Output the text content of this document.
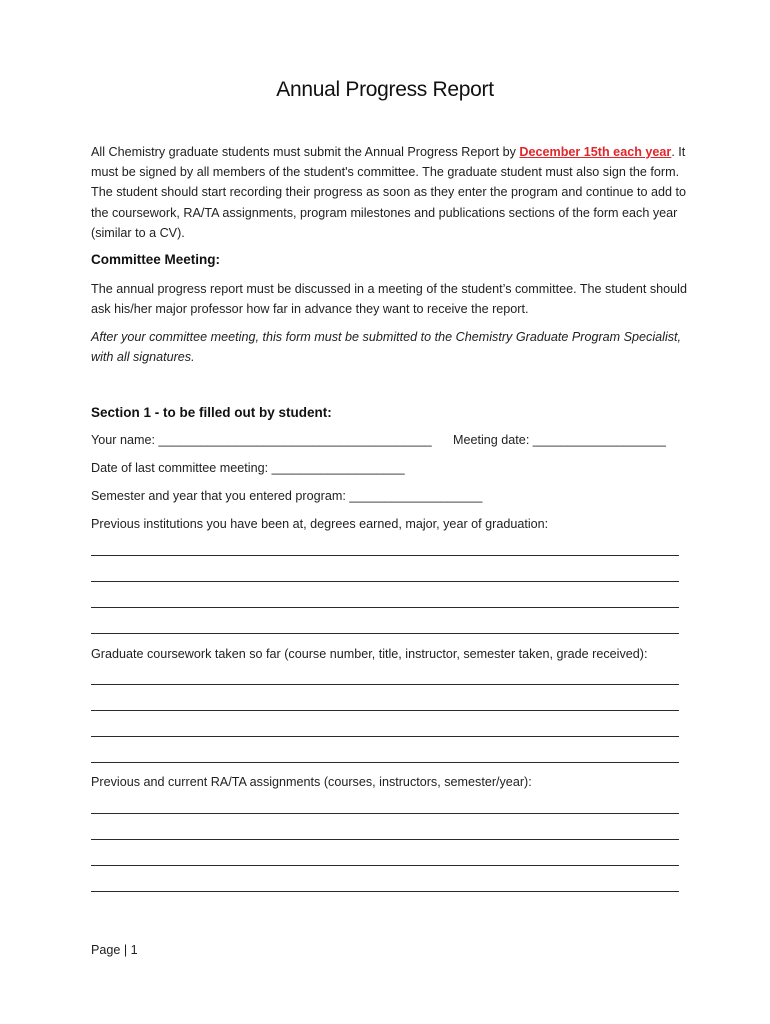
Annual Progress Report
All Chemistry graduate students must submit the Annual Progress Report by December 15th each year. It must be signed by all members of the student's committee. The graduate student must also sign the form. The student should start recording their progress as soon as they enter the program and continue to add to the coursework, RA/TA assignments, program milestones and publications sections of the form each year (similar to a CV).
Committee Meeting:
The annual progress report must be discussed in a meeting of the student’s committee. The student should ask his/her major professor how far in advance they want to receive the report.
After your committee meeting, this form must be submitted to the Chemistry Graduate Program Specialist, with all signatures.
Section 1 - to be filled out by student:
Your name: _______________________________________ Meeting date: ___________________
Date of last committee meeting: ___________________
Semester and year that you entered program: ___________________
Previous institutions you have been at, degrees earned, major, year of graduation:
Graduate coursework taken so far (course number, title, instructor, semester taken, grade received):
Previous and current RA/TA assignments (courses, instructors, semester/year):
Page | 1
